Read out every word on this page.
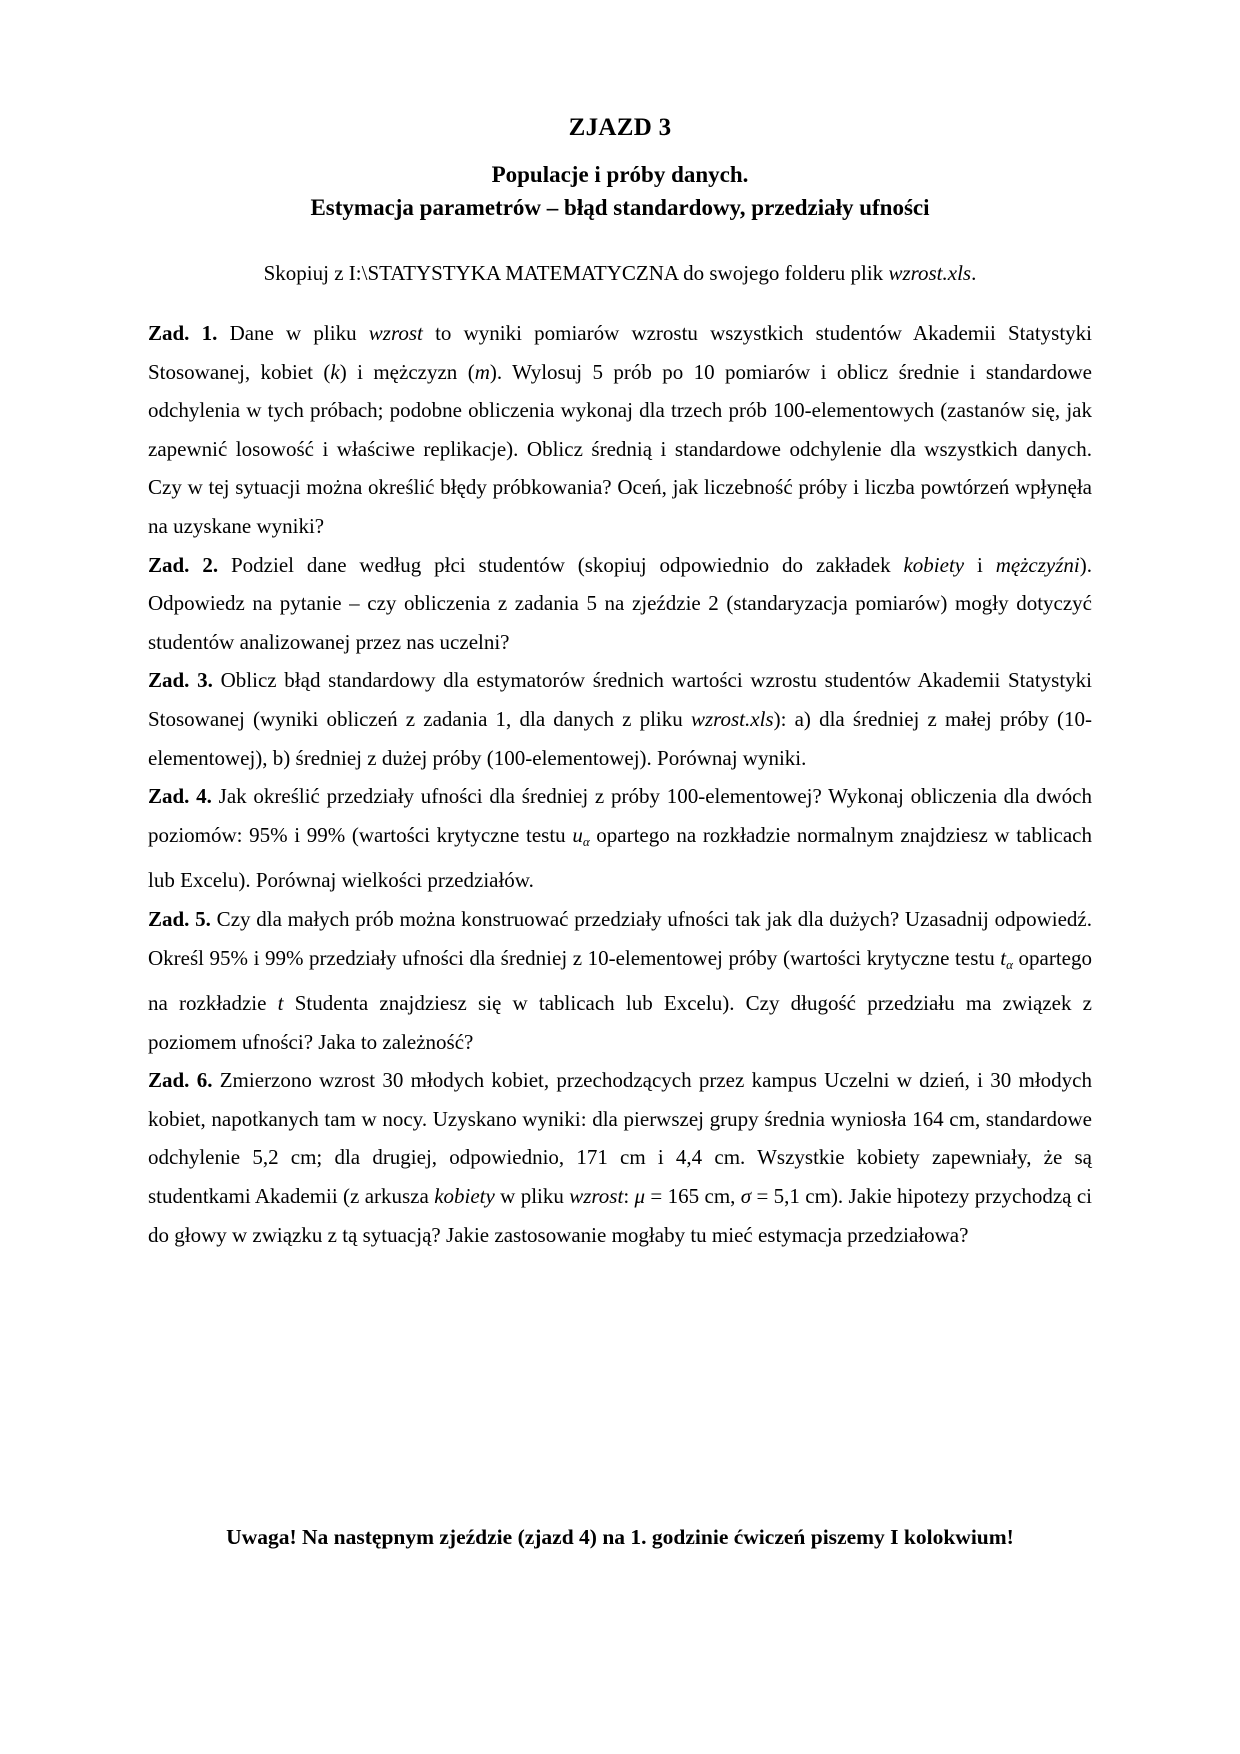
ZJAZD 3
Populacje i próby danych.
Estymacja parametrów – błąd standardowy, przedziały ufności
Skopiuj z I:\STATYSTYKA MATEMATYCZNA do swojego folderu plik wzrost.xls.

Zad. 1. Dane w pliku wzrost to wyniki pomiarów wzrostu wszystkich studentów Akademii Statystyki Stosowanej, kobiet (k) i mężczyzn (m). Wylosuj 5 prób po 10 pomiarów i oblicz średnie i standardowe odchylenia w tych próbach; podobne obliczenia wykonaj dla trzech prób 100-elementowych (zastanów się, jak zapewnić losowość i właściwe replikacje). Oblicz średnią i standardowe odchylenie dla wszystkich danych. Czy w tej sytuacji można określić błędy próbkowania? Oceń, jak liczebność próby i liczba powtórzeń wpłynęła na uzyskane wyniki?

Zad. 2. Podziel dane według płci studentów (skopiuj odpowiednio do zakładek kobiety i mężczyźni). Odpowiedz na pytanie – czy obliczenia z zadania 5 na zjeździe 2 (standaryzacja pomiarów) mogły dotyczyć studentów analizowanej przez nas uczelni?

Zad. 3. Oblicz błąd standardowy dla estymatorów średnich wartości wzrostu studentów Akademii Statystyki Stosowanej (wyniki obliczeń z zadania 1, dla danych z pliku wzrost.xls): a) dla średniej z małej próby (10-elementowej), b) średniej z dużej próby (100-elementowej). Porównaj wyniki.

Zad. 4. Jak określić przedziały ufności dla średniej z próby 100-elementowej? Wykonaj obliczenia dla dwóch poziomów: 95% i 99% (wartości krytyczne testu $u_\alpha$ opartego na rozkładzie normalnym znajdziesz w tablicach lub Excelu). Porównaj wielkości przedziałów.

Zad. 5. Czy dla małych prób można konstruować przedziały ufności tak jak dla dużych? Uzasadnij odpowiedź. Określ 95% i 99% przedziały ufności dla średniej z 10-elementowej próby (wartości krytyczne testu $t_\alpha$ opartego na rozkładzie t Studenta znajdziesz się w tablicach lub Excelu). Czy długość przedziału ma związek z poziomem ufności? Jaka to zależność?

Zad. 6. Zmierzono wzrost 30 młodych kobiet, przechodzących przez kampus Uczelni w dzień, i 30 młodych kobiet, napotkanych tam w nocy. Uzyskano wyniki: dla pierwszej grupy średnia wyniosła 164 cm, standardowe odchylenie 5,2 cm; dla drugiej, odpowiednio, 171 cm i 4,4 cm. Wszystkie kobiety zapewniały, że są studentkami Akademii (z arkusza kobiety w pliku wzrost: μ = 165 cm, σ = 5,1 cm). Jakie hipotezy przychodzą ci do głowy w związku z tą sytuacją? Jakie zastosowanie mogłaby tu mieć estymacja przedziałowa?

Uwaga! Na następnym zjeździe (zjazd 4) na 1. godzinie ćwiczeń piszemy I kolokwium!
